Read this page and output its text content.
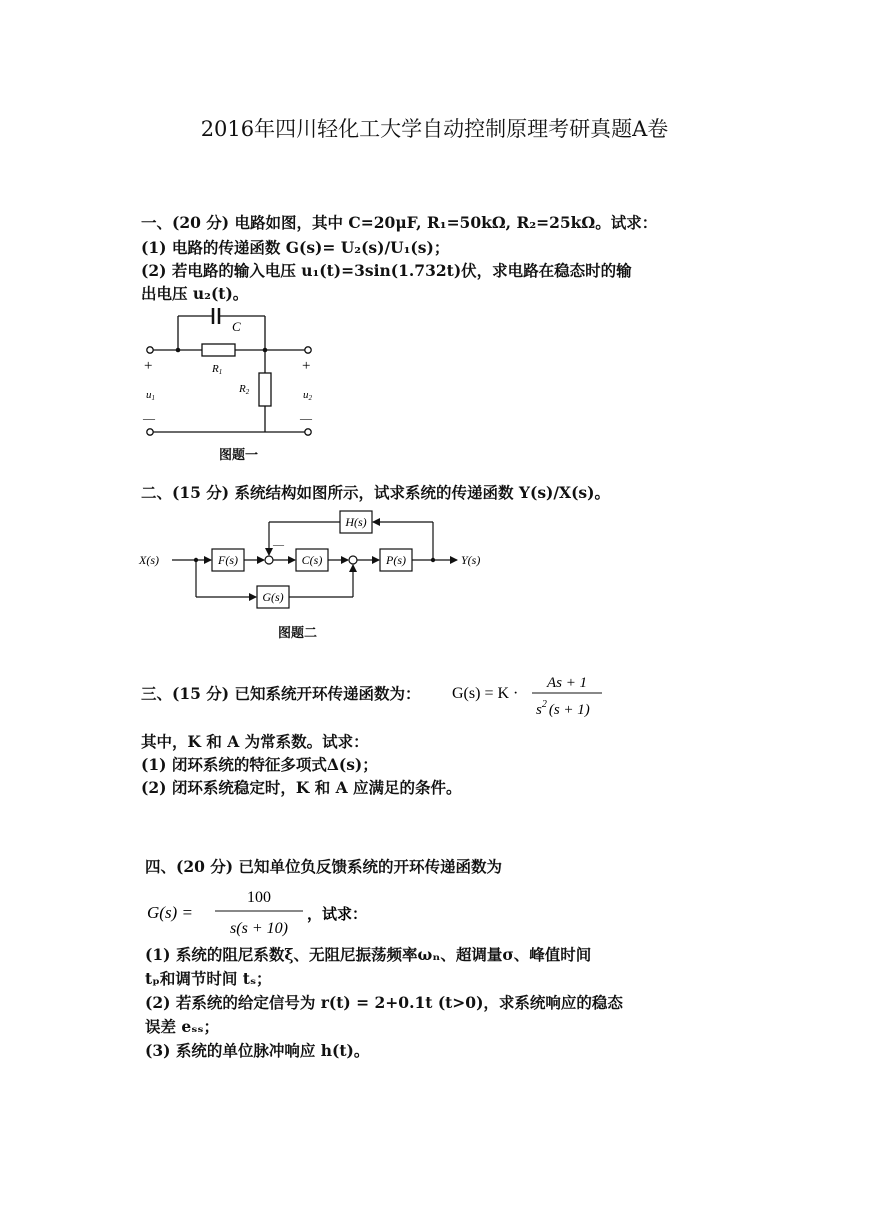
2016年四川轻化工大学自动控制原理考研真题A卷
一、(20 分) 电路如图，其中 C=20μF, R₁=50kΩ, R₂=25kΩ。试求：
(1) 电路的传递函数 G(s)= U₂(s)/U₁(s)；
(2) 若电路的输入电压 u₁(t)=3sin(1.732t)伏，求电路在稳态时的输
出电压 u₂(t)。
C
R1
R2
+	+
u1	u2
—	—
图题一
二、(15 分) 系统结构如图所示，试求系统的传递函数 Y(s)/X(s)。
X(s)	Y(s)
F(s)	C(s)	P(s)
H(s)
G(s)
—
图题二
三、(15 分) 已知系统开环传递函数为： G(s) = K ·
As + 1
$s^2$ (s + 1)
其中，K 和 A 为常系数。试求：
(1) 闭环系统的特征多项式Δ(s)；
(2) 闭环系统稳定时，K 和 A 应满足的条件。
四、(20 分) 已知单位负反馈系统的开环传递函数为
G(s) =
100
s(s + 10)
，试求：
(1) 系统的阻尼系数ξ、无阻尼振荡频率ωₙ、超调量σ、峰值时间
tₚ和调节时间 tₛ；
(2) 若系统的给定信号为 r(t) = 2+0.1t (t>0)，求系统响应的稳态
误差 eₛₛ；
(3) 系统的单位脉冲响应 h(t)。
